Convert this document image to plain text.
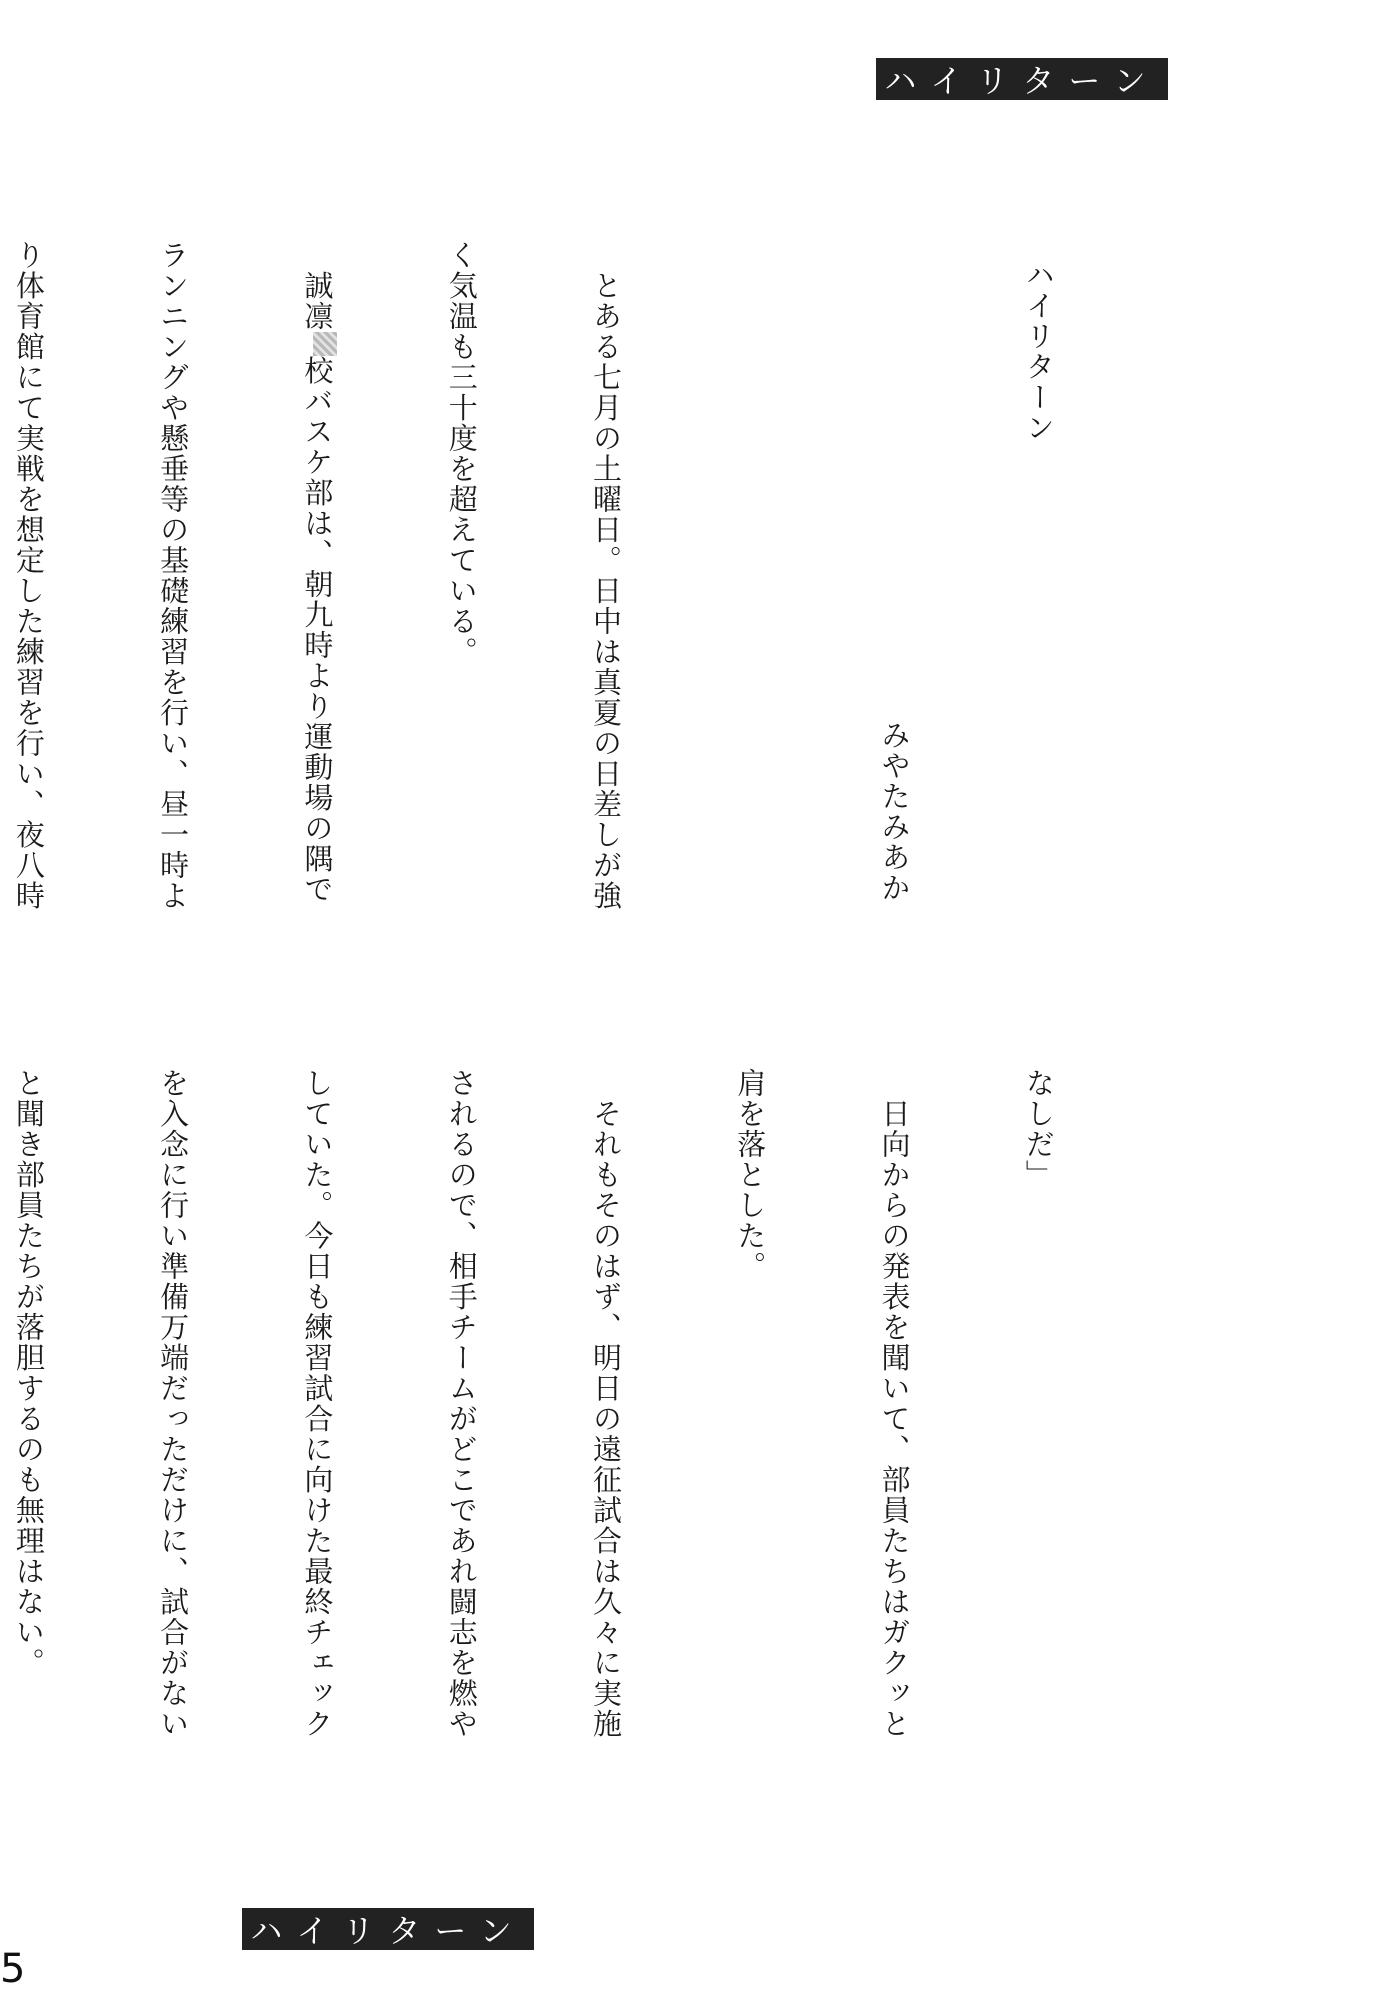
ハイリターン

ハイリターン

みやたみあか

　とある七月の土曜日。日中は真夏の日差しが強

く気温も三十度を超えている。

　誠凛校バスケ部は、朝九時より運動場の隅で

ランニングや懸垂等の基礎練習を行い、昼一時よ

り体育館にて実戦を想定した練習を行い、夜八時

なしだ」

　日向からの発表を聞いて、部員たちはガクッと

肩を落とした。

　それもそのはず、明日の遠征試合は久々に実施

されるので、相手チームがどこであれ闘志を燃や

していた。今日も練習試合に向けた最終チェック

を入念に行い準備万端だっただけに、試合がない

と聞き部員たちが落胆するのも無理はない。

ハイリターン
5
